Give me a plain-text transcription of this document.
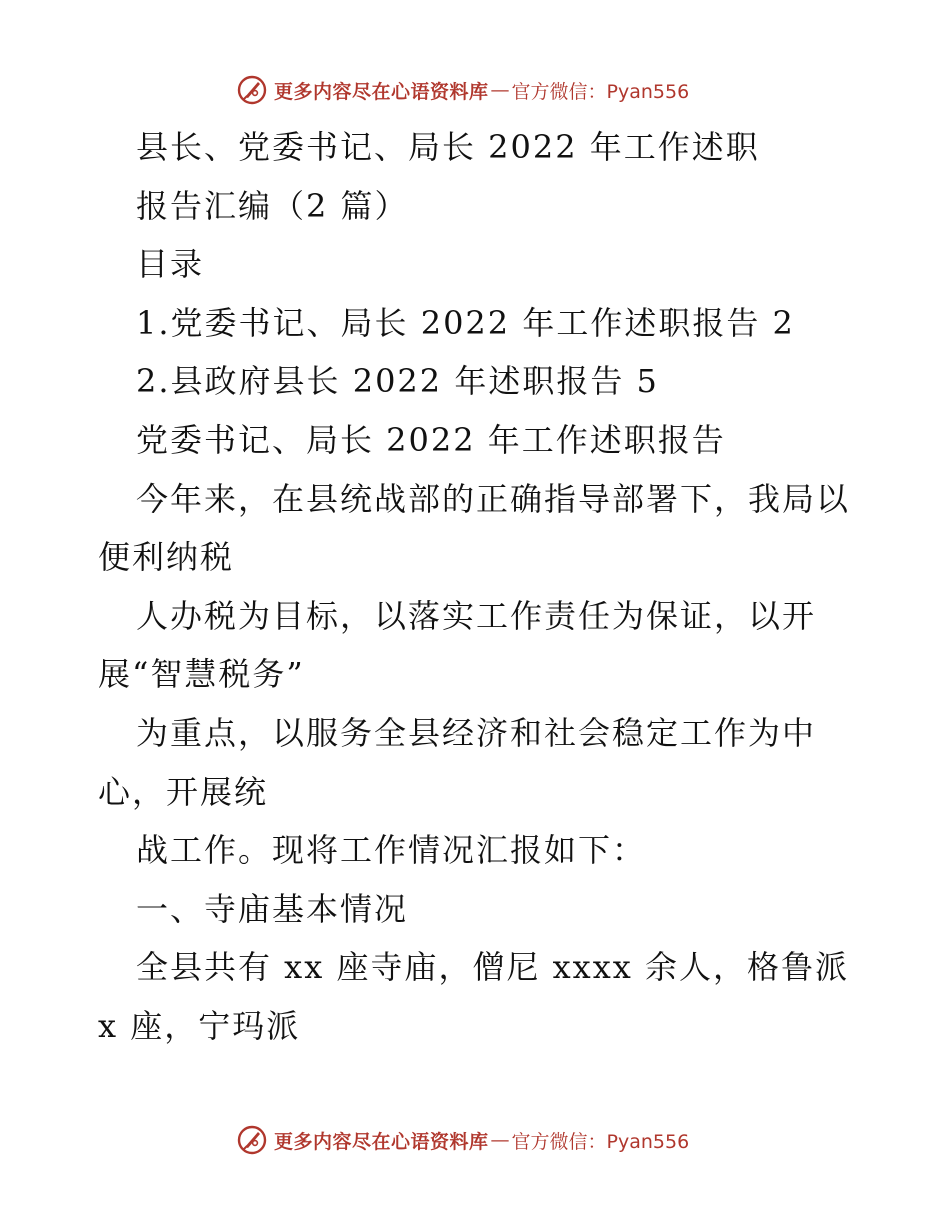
更多内容尽在心语资料库 — 官方微信：Pyan556
县长、党委书记、局长 2022 年工作述职
报告汇编（2 篇）
目录
1.党委书记、局长 2022 年工作述职报告 2
2.县政府县长 2022 年述职报告 5
党委书记、局长 2022 年工作述职报告
今年来，在县统战部的正确指导部署下，我局以
便利纳税
人办税为目标，以落实工作责任为保证，以开
展“智慧税务”
为重点，以服务全县经济和社会稳定工作为中
心，开展统
战工作。现将工作情况汇报如下：
一、寺庙基本情况
全县共有 xx 座寺庙，僧尼 xxxx 余人，格鲁派
x 座，宁玛派
更多内容尽在心语资料库 — 官方微信：Pyan556
